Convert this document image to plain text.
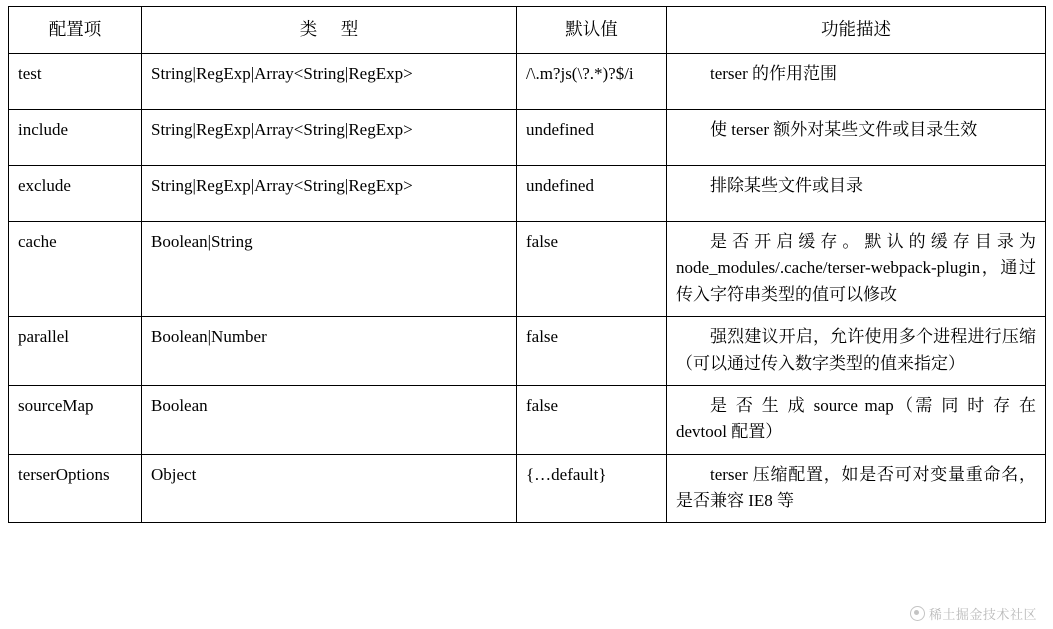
配置项	类 型	默认值	功能描述
test	String|RegExp|Array<String|RegExp>	/\.m?js(\?.*)?$/i	terser 的作用范围

include	String|RegExp|Array<String|RegExp>	undefined	使 terser 额外对某些文件或目录生效

exclude	String|RegExp|Array<String|RegExp>	undefined	排除某些文件或目录

cache	Boolean|String	false	是否开启缓存。默认的缓存目录为 node_modules/.cache/terser-webpack-plugin，通过传入字符串类型的值可以修改

parallel	Boolean|Number	false	强烈建议开启，允许使用多个进程进行压缩（可以通过传入数字类型的值来指定）

sourceMap	Boolean	false	是 否 生 成 source map（需 同 时 存 在 devtool 配置）

terserOptions	Object	{…default}	terser 压缩配置，如是否可对变量重命名，是否兼容 IE8 等
稀土掘金技术社区
